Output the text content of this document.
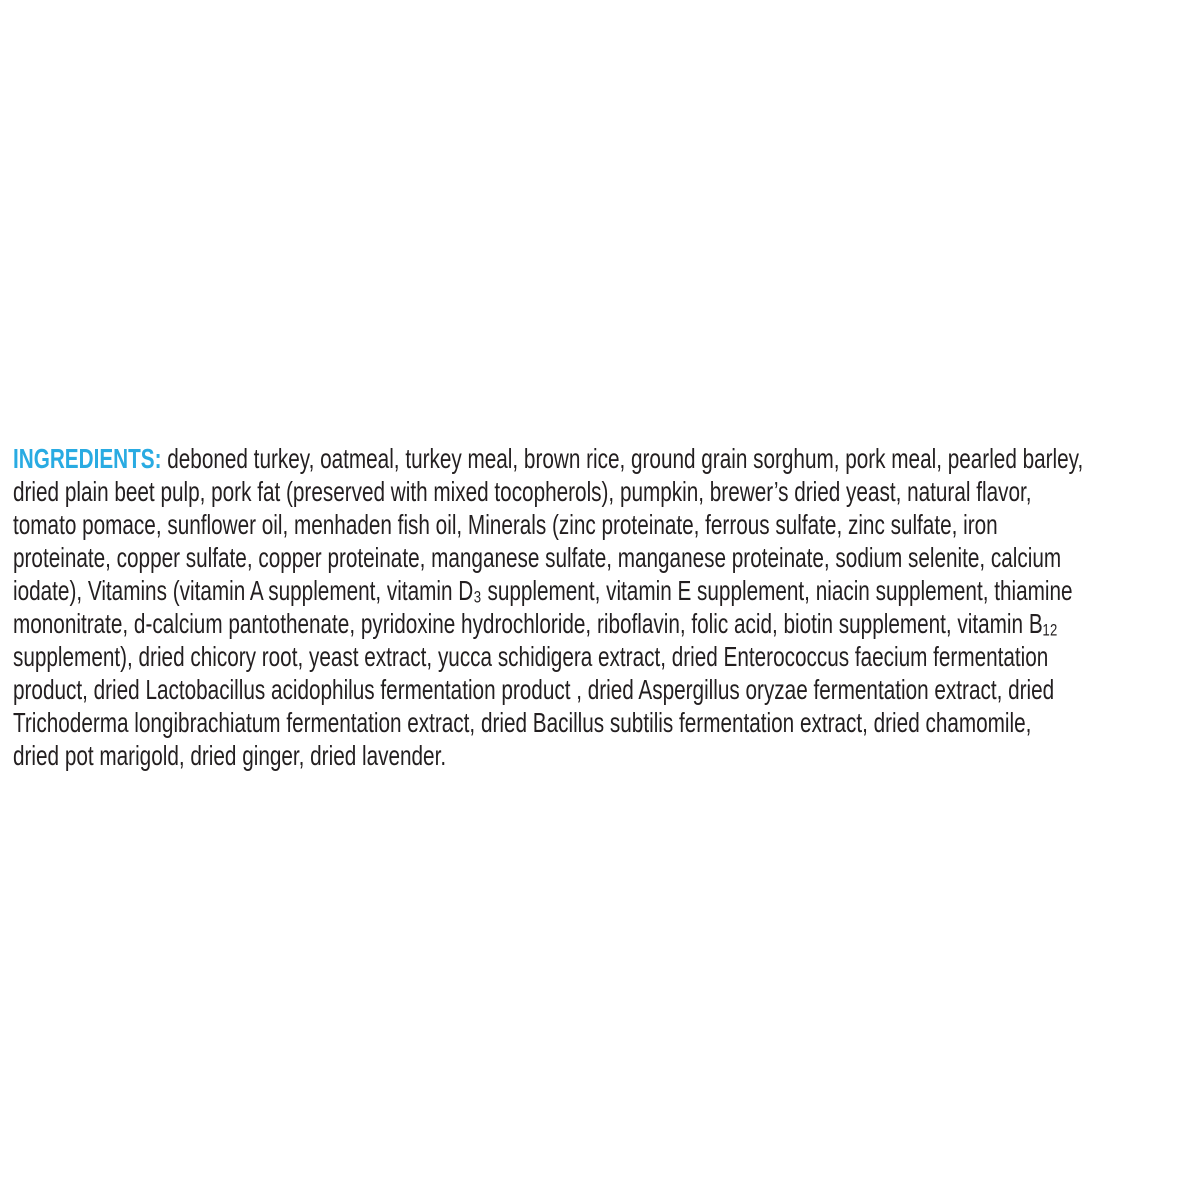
INGREDIENTS: deboned turkey, oatmeal, turkey meal, brown rice, ground grain sorghum, pork meal, pearled barley,
dried plain beet pulp, pork fat (preserved with mixed tocopherols), pumpkin, brewer’s dried yeast, natural flavor,
tomato pomace, sunflower oil, menhaden fish oil, Minerals (zinc proteinate, ferrous sulfate, zinc sulfate, iron
proteinate, copper sulfate, copper proteinate, manganese sulfate, manganese proteinate, sodium selenite, calcium
iodate), Vitamins (vitamin A supplement, vitamin D₃ supplement, vitamin E supplement, niacin supplement, thiamine
mononitrate, d-calcium pantothenate, pyridoxine hydrochloride, riboflavin, folic acid, biotin supplement, vitamin B₁₂
supplement), dried chicory root, yeast extract, yucca schidigera extract, dried Enterococcus faecium fermentation
product, dried Lactobacillus acidophilus fermentation product , dried Aspergillus oryzae fermentation extract, dried
Trichoderma longibrachiatum fermentation extract, dried Bacillus subtilis fermentation extract, dried chamomile,
dried pot marigold, dried ginger, dried lavender.
